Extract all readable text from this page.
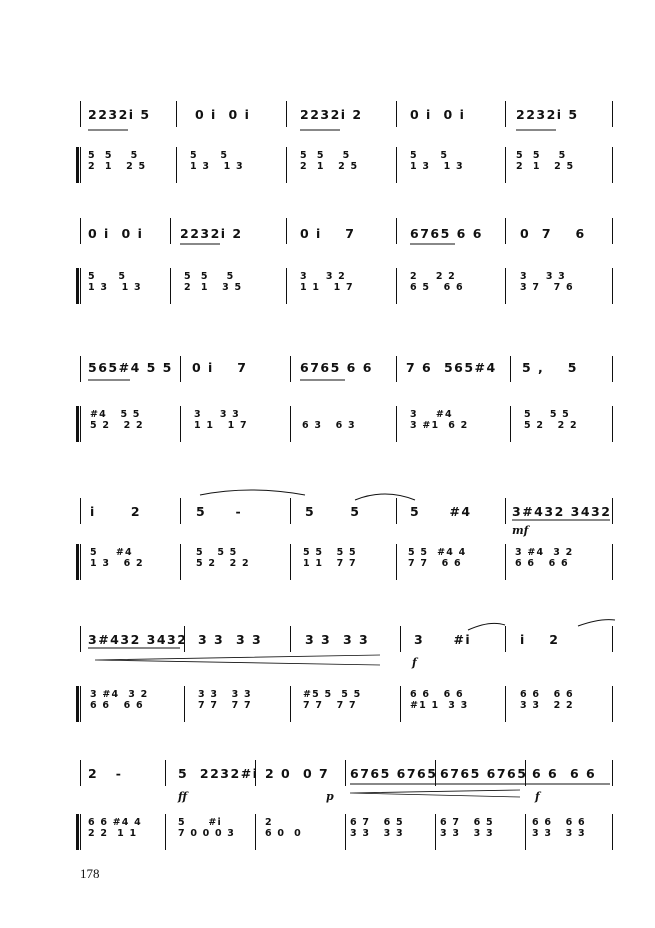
2232i 5	0 i  0 i	2232i 2	0 i  0 i	2232i 5
5  5    5
2  1   2 5
5     5
1 3   1 3
5  5    5
2  1   2 5
5     5
1 3   1 3
5  5    5
2  1   2 5
0 i  0 i	2232i 2	0 i    7	6765 6 6	0  7    6
5     5
1 3   1 3
5  5    5
2  1   3 5
3    3 2
1 1   1 7
2    2 2
6 5   6 6
3    3 3
3 7   7 6
565#4 5 5 0 i    7	6765 6 6	7 6  565#4 5 ,    5
#4   5 5
5 2   2 2
3    3 3
1 1   1 7	6 3   6 3
3    #4
3 #1  6 2
5    5 5
5 2   2 2
i      2	5     -	5      5	5     #4	3#432 3432
mf
5    #4
1 3   6 2
5   5 5
5 2   2 2
5 5   5 5
1 1   7 7
5 5  #4 4
7 7   6 6
3 #4  3 2
6 6   6 6
3#432 3432 3 3  3 3	3 3  3 3	3     #i	i    2
f
3 #4  3 2
6 6   6 6
3 3   3 3
7 7   7 7
#5 5  5 5
7 7   7 7
6 6   6 6
#1 1  3 3
6 6   6 6
3 3   2 2
2   -	5  2232#i 2 0  0 7 6765 6765 6765 6765 6 6  6 6
ff	p	f
6 6 #4 4
2 2  1 1
5     #i
7 0 0 0 3
2
6 0  0
6 7   6 5
3 3   3 3
6 7   6 5
3 3   3 3
6 6   6 6
3 3   3 3
178
